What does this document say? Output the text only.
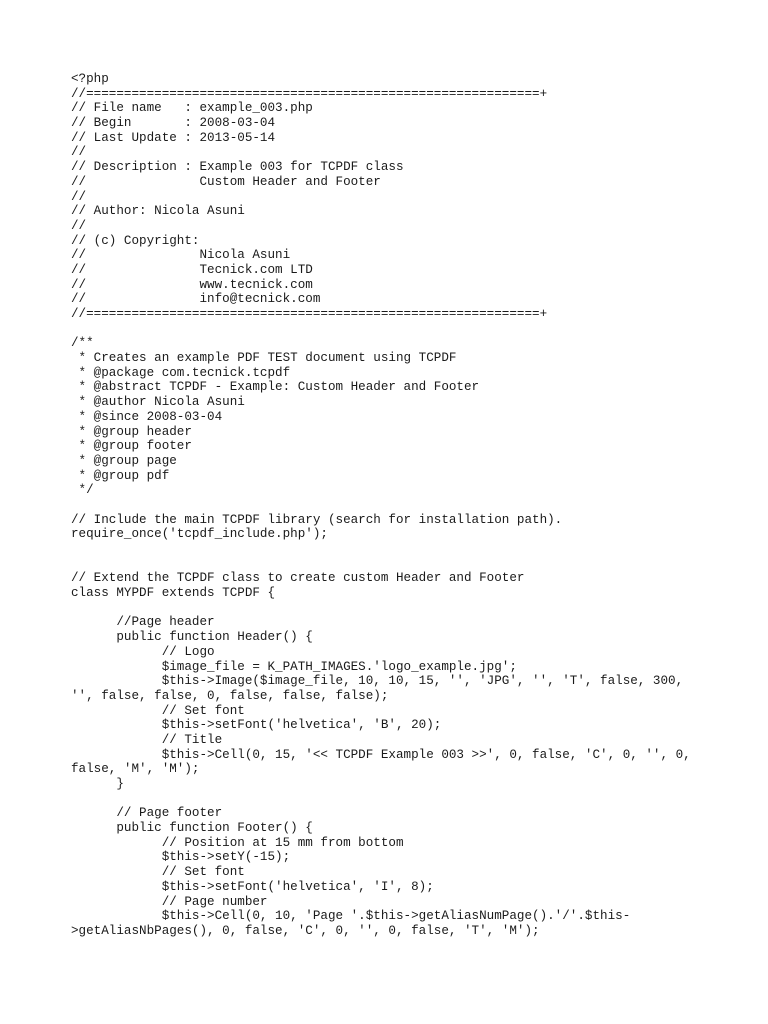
<?php
//============================================================+
// File name   : example_003.php
// Begin       : 2008-03-04
// Last Update : 2013-05-14
//
// Description : Example 003 for TCPDF class
//               Custom Header and Footer
//
// Author: Nicola Asuni
//
// (c) Copyright:
//               Nicola Asuni
//               Tecnick.com LTD
//               www.tecnick.com
//               info@tecnick.com
//============================================================+
/**
* Creates an example PDF TEST document using TCPDF
* @package com.tecnick.tcpdf
* @abstract TCPDF - Example: Custom Header and Footer
* @author Nicola Asuni
* @since 2008-03-04
* @group header
* @group footer
* @group page
* @group pdf
*/
// Include the main TCPDF library (search for installation path).
require_once('tcpdf_include.php');
// Extend the TCPDF class to create custom Header and Footer
class MYPDF extends TCPDF {
//Page header
public function Header() {
// Logo
$image_file = K_PATH_IMAGES.'logo_example.jpg';
$this->Image($image_file, 10, 10, 15, '', 'JPG', '', 'T', false, 300,
'', false, false, 0, false, false, false);
// Set font
$this->setFont('helvetica', 'B', 20);
// Title
$this->Cell(0, 15, '<< TCPDF Example 003 >>', 0, false, 'C', 0, '', 0,
false, 'M', 'M');
}
// Page footer
public function Footer() {
// Position at 15 mm from bottom
$this->setY(-15);
// Set font
$this->setFont('helvetica', 'I', 8);
// Page number
$this->Cell(0, 10, 'Page '.$this->getAliasNumPage().'/'.$this-
>getAliasNbPages(), 0, false, 'C', 0, '', 0, false, 'T', 'M');
